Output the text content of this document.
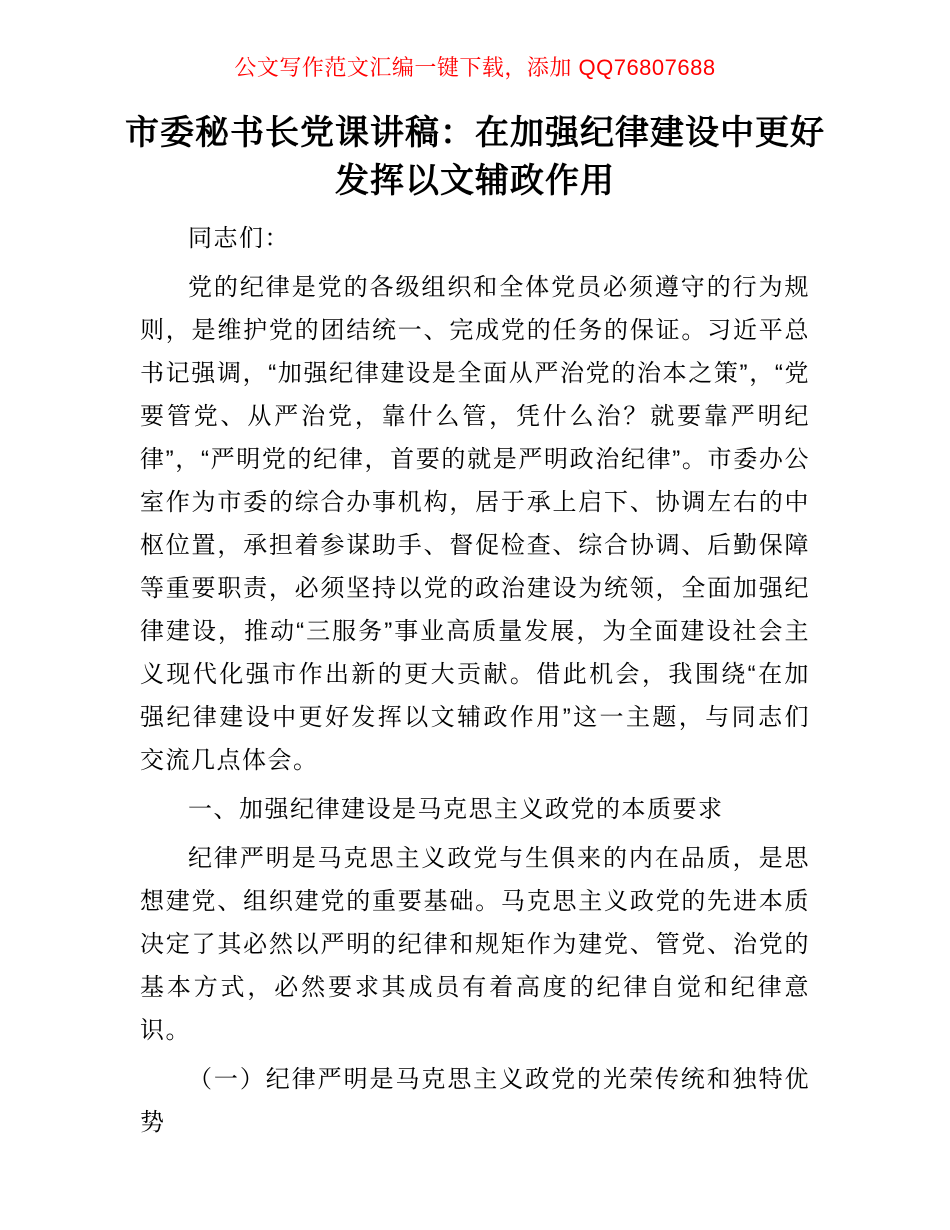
公文写作范文汇编一键下载，添加 QQ76807688
市委秘书长党课讲稿：在加强纪律建设中更好
发挥以文辅政作用

同志们：

党的纪律是党的各级组织和全体党员必须遵守的行为规则，是维护党的团结统一、完成党的任务的保证。习近平总书记强调，“加强纪律建设是全面从严治党的治本之策”，“党要管党、从严治党，靠什么管，凭什么治？就要靠严明纪律”，“严明党的纪律，首要的就是严明政治纪律”。市委办公室作为市委的综合办事机构，居于承上启下、协调左右的中枢位置，承担着参谋助手、督促检查、综合协调、后勤保障等重要职责，必须坚持以党的政治建设为统领，全面加强纪律建设，推动“三服务”事业高质量发展，为全面建设社会主义现代化强市作出新的更大贡献。借此机会，我围绕“在加强纪律建设中更好发挥以文辅政作用”这一主题，与同志们交流几点体会。

一、加强纪律建设是马克思主义政党的本质要求

纪律严明是马克思主义政党与生俱来的内在品质，是思想建党、组织建党的重要基础。马克思主义政党的先进本质决定了其必然以严明的纪律和规矩作为建党、管党、治党的基本方式，必然要求其成员有着高度的纪律自觉和纪律意识。

（一）纪律严明是马克思主义政党的光荣传统和独特优势
